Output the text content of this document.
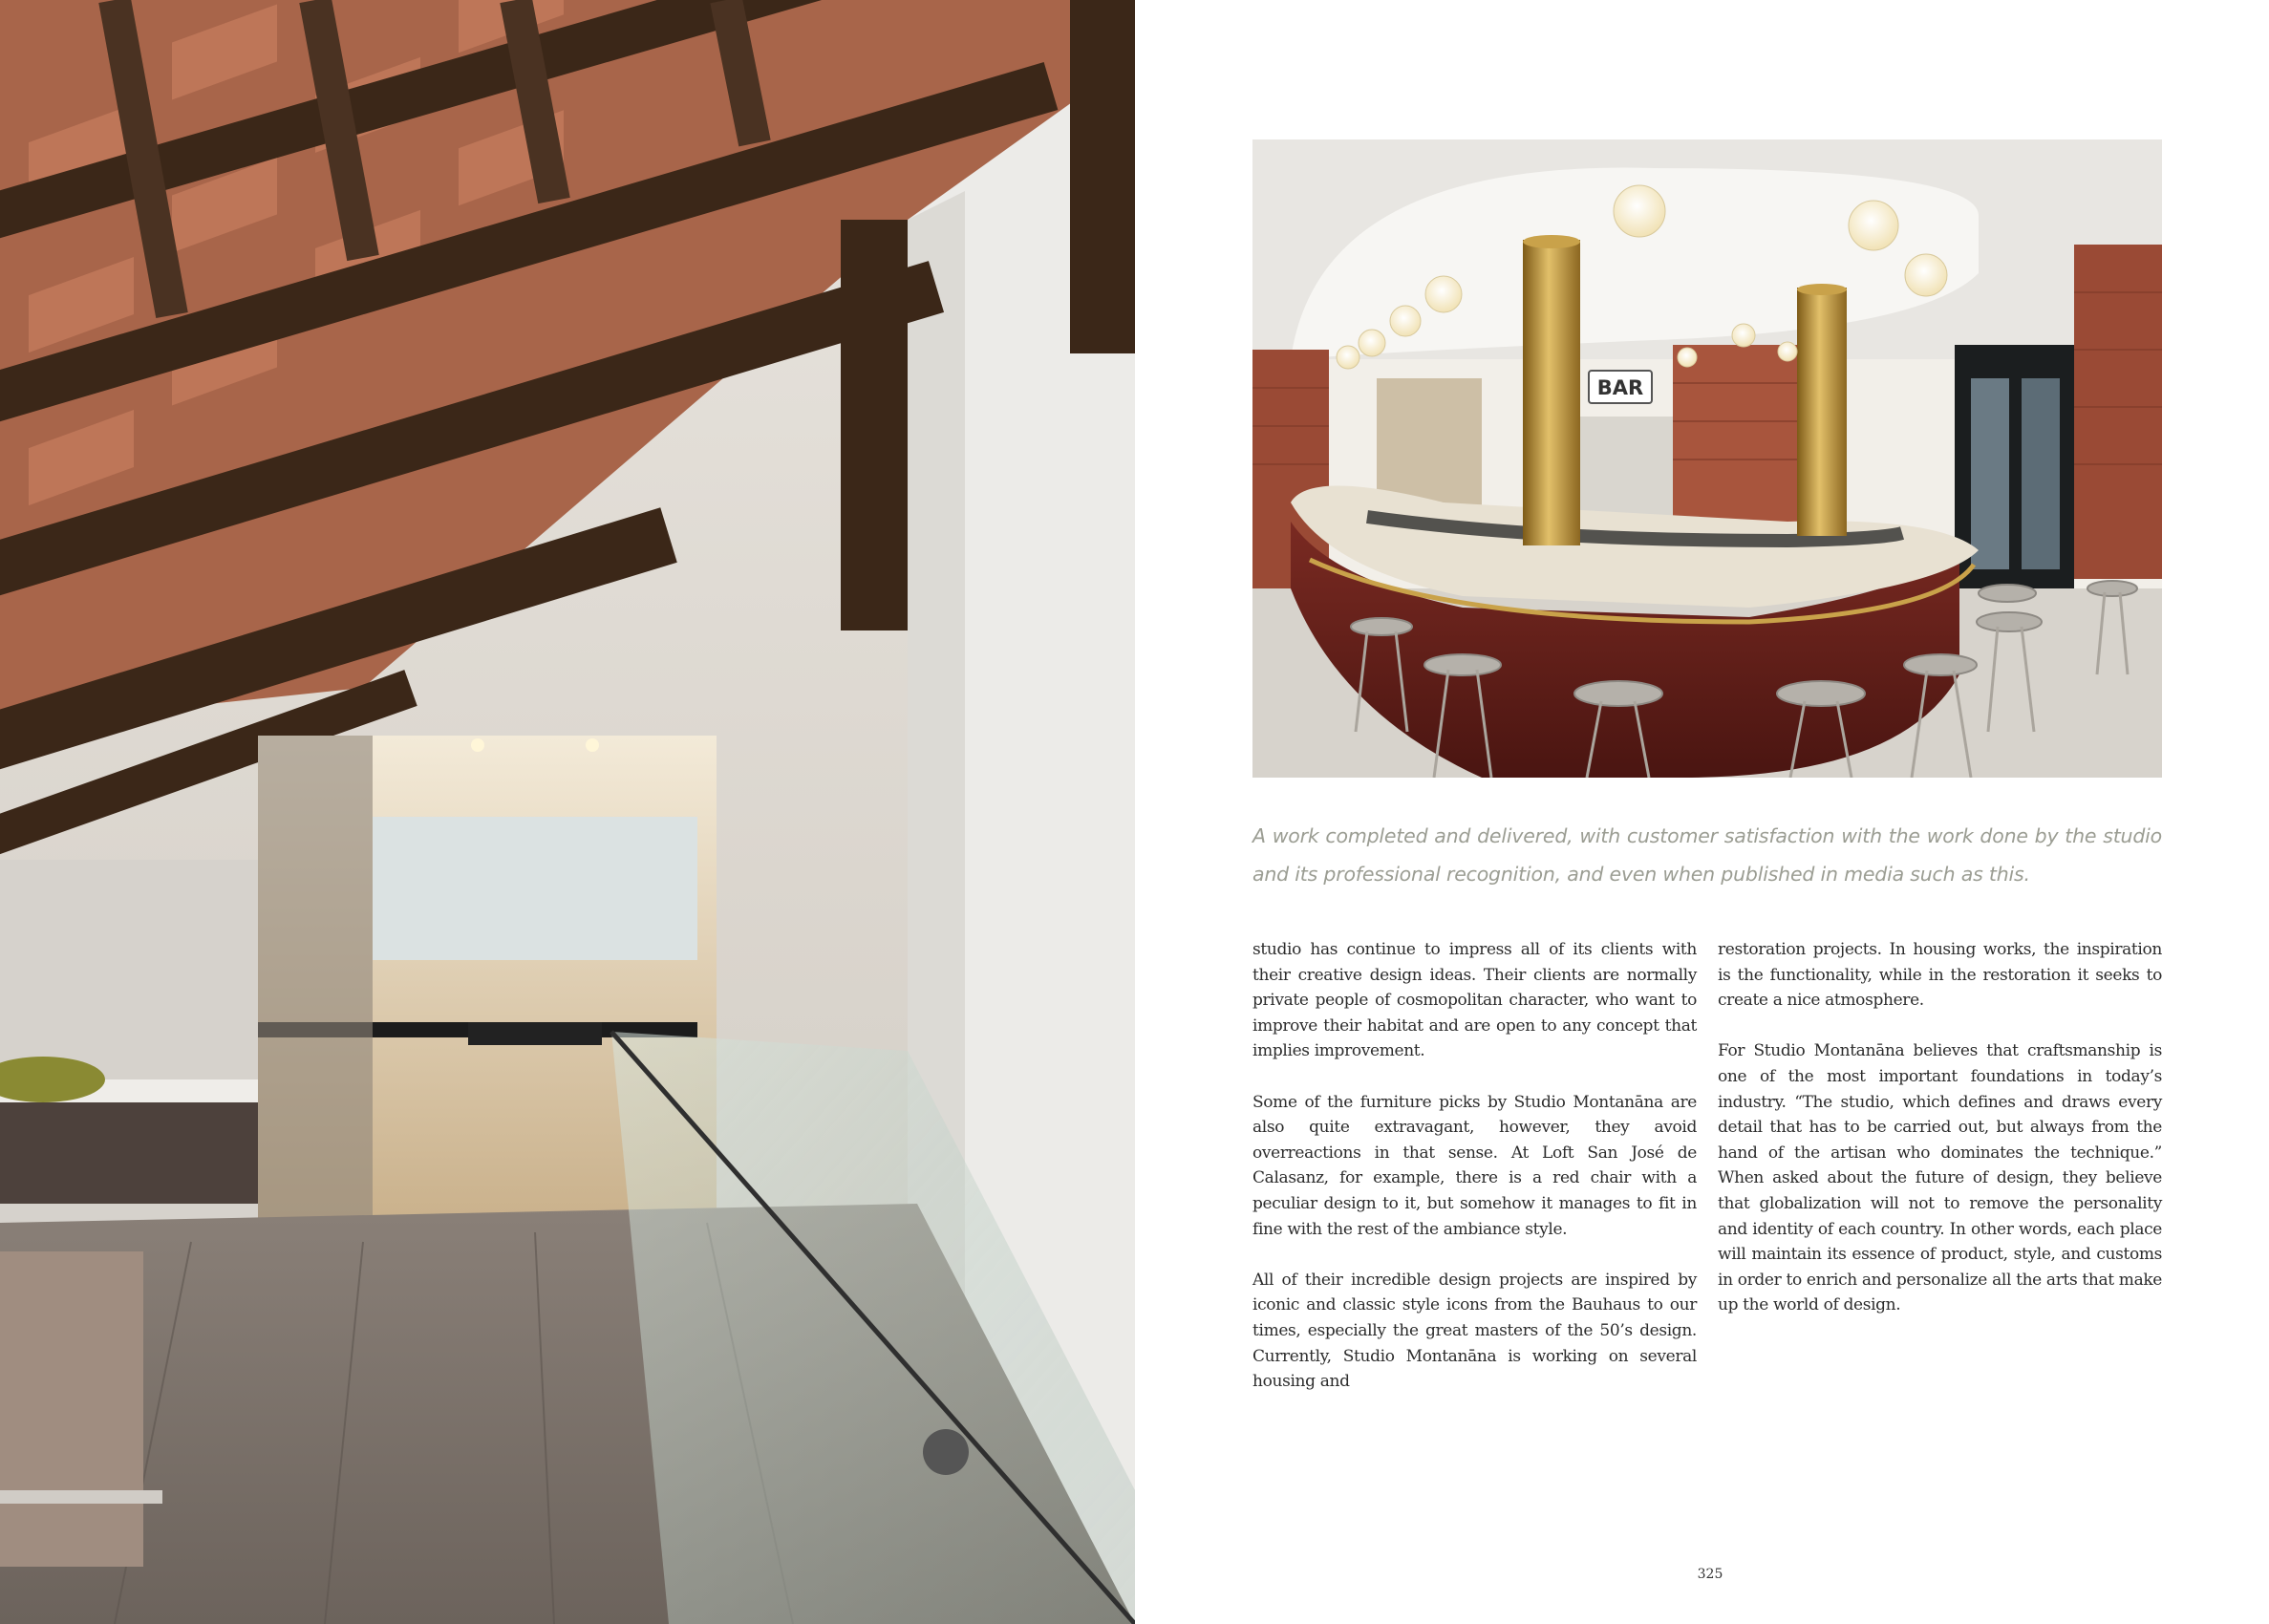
BAR

A work completed and delivered, with customer satisfaction with the work done by the studio and its professional recognition, and even when published in media such as this.

studio has continue to impress all of its clients with their creative design ideas. Their clients are normally private people of cosmopolitan character, who want to improve their habitat and are open to any concept that implies improvement.

Some of the furniture picks by Studio Montanāna are also quite extravagant, however, they avoid overreactions in that sense. At Loft San José de Calasanz, for example, there is a red chair with a peculiar design to it, but somehow it manages to fit in fine with the rest of the ambiance style.

All of their incredible design projects are inspired by iconic and classic style icons from the Bauhaus to our times, especially the great masters of the 50’s design. Currently, Studio Montanāna is working on several housing and

restoration projects. In housing works, the inspiration is the functionality, while in the restoration it seeks to create a nice atmosphere.

For Studio Montanāna believes that craftsmanship is one of the most important foundations in today’s industry. “The studio, which defines and draws every detail that has to be carried out, but always from the hand of the artisan who dominates the technique.” When asked about the future of design, they believe that globalization will not to remove the personality and identity of each country. In other words, each place will maintain its essence of product, style, and customs in order to enrich and personalize all the arts that make up the world of design.

325
